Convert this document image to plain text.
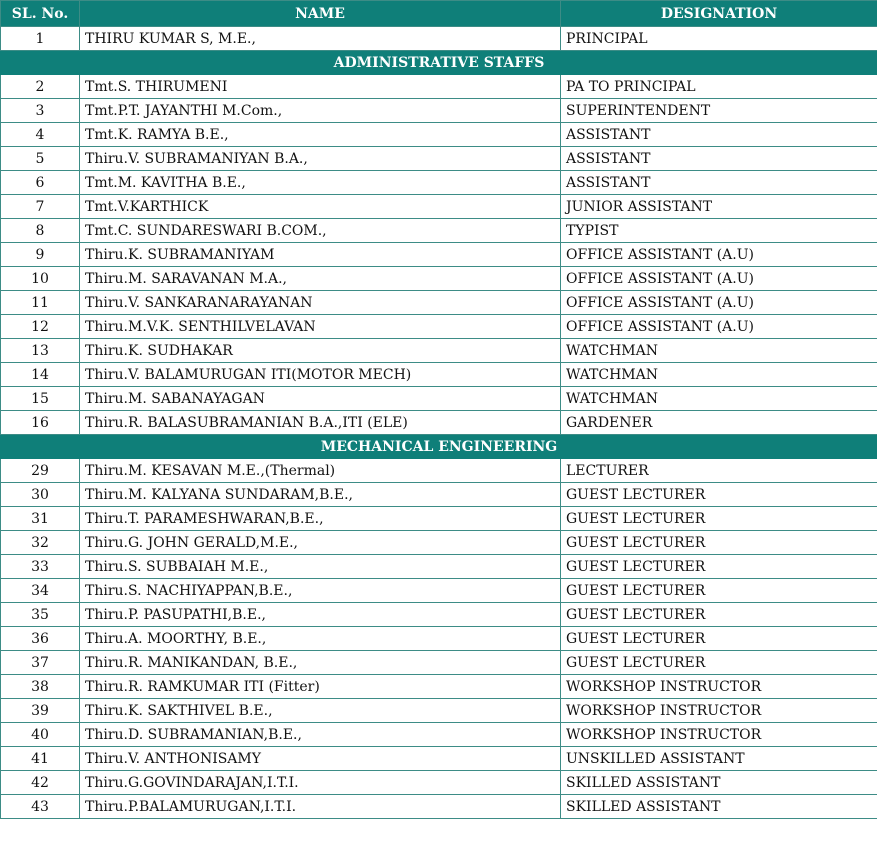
SL. No.	NAME	DESIGNATION
1	THIRU KUMAR S, M.E.,	PRINCIPAL
ADMINISTRATIVE STAFFS		
2	Tmt.S. THIRUMENI	PA TO PRINCIPAL
3	Tmt.P.T. JAYANTHI M.Com.,	SUPERINTENDENT
4	Tmt.K. RAMYA B.E.,	ASSISTANT
5	Thiru.V. SUBRAMANIYAN B.A.,	ASSISTANT
6	Tmt.M. KAVITHA B.E.,	ASSISTANT
7	Tmt.V.KARTHICK	JUNIOR ASSISTANT
8	Tmt.C. SUNDARESWARI B.COM.,	TYPIST
9	Thiru.K. SUBRAMANIYAM	OFFICE ASSISTANT (A.U)
10	Thiru.M. SARAVANAN M.A.,	OFFICE ASSISTANT (A.U)
11	Thiru.V. SANKARANARAYANAN	OFFICE ASSISTANT (A.U)
12	Thiru.M.V.K. SENTHILVELAVAN	OFFICE ASSISTANT (A.U)
13	Thiru.K. SUDHAKAR	WATCHMAN
14	Thiru.V. BALAMURUGAN ITI(MOTOR MECH)	WATCHMAN
15	Thiru.M. SABANAYAGAN	WATCHMAN
16	Thiru.R. BALASUBRAMANIAN B.A.,ITI (ELE)	GARDENER
MECHANICAL ENGINEERING		
29	Thiru.M. KESAVAN M.E.,(Thermal)	LECTURER
30	Thiru.M. KALYANA SUNDARAM,B.E.,	GUEST LECTURER
31	Thiru.T. PARAMESHWARAN,B.E.,	GUEST LECTURER
32	Thiru.G. JOHN GERALD,M.E.,	GUEST LECTURER
33	Thiru.S. SUBBAIAH M.E.,	GUEST LECTURER
34	Thiru.S. NACHIYAPPAN,B.E.,	GUEST LECTURER
35	Thiru.P. PASUPATHI,B.E.,	GUEST LECTURER
36	Thiru.A. MOORTHY, B.E.,	GUEST LECTURER
37	Thiru.R. MANIKANDAN, B.E.,	GUEST LECTURER
38	Thiru.R. RAMKUMAR ITI (Fitter)	WORKSHOP INSTRUCTOR
39	Thiru.K. SAKTHIVEL B.E.,	WORKSHOP INSTRUCTOR
40	Thiru.D. SUBRAMANIAN,B.E.,	WORKSHOP INSTRUCTOR
41	Thiru.V. ANTHONISAMY	UNSKILLED ASSISTANT
42	Thiru.G.GOVINDARAJAN,I.T.I.	SKILLED ASSISTANT
43	Thiru.P.BALAMURUGAN,I.T.I.	SKILLED ASSISTANT
